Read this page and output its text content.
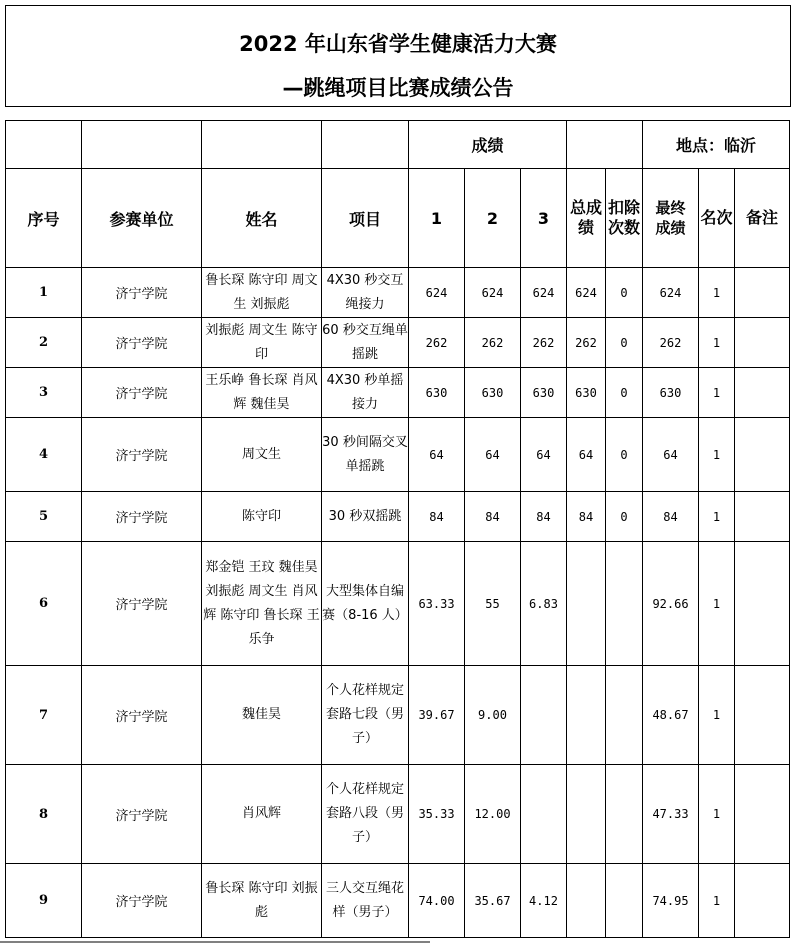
2022 年山东省学生健康活力大赛
—跳绳项目比赛成绩公告
				成绩					地点：临沂		
序号	参赛单位	姓名	项目	1	2	3	总成绩	扣除次数	最终成绩	名次	备注
1	济宁学院	鲁长琛 陈守印 周文生 刘振彪	4X30 秒交互绳接力	624	624	624	624	0	624	1	
2	济宁学院	刘振彪 周文生 陈守印	60 秒交互绳单摇跳	262	262	262	262	0	262	1	
3	济宁学院	王乐峥 鲁长琛 肖风辉 魏佳昊	4X30 秒单摇接力	630	630	630	630	0	630	1	
4	济宁学院	周文生	30 秒间隔交叉单摇跳	64	64	64	64	0	64	1	
5	济宁学院	陈守印	30 秒双摇跳	84	84	84	84	0	84	1	
6	济宁学院	郑金铠 王玟 魏佳昊 刘振彪 周文生 肖风辉 陈守印 鲁长琛 王乐争	大型集体自编赛（8-16 人）	63.33	55	6.83			92.66	1	
7	济宁学院	魏佳昊	个人花样规定套路七段（男子）	39.67	9.00				48.67	1	
8	济宁学院	肖风辉	个人花样规定套路八段（男子）	35.33	12.00				47.33	1	
9	济宁学院	鲁长琛 陈守印 刘振彪	三人交互绳花样（男子）	74.00	35.67	4.12			74.95	1	
